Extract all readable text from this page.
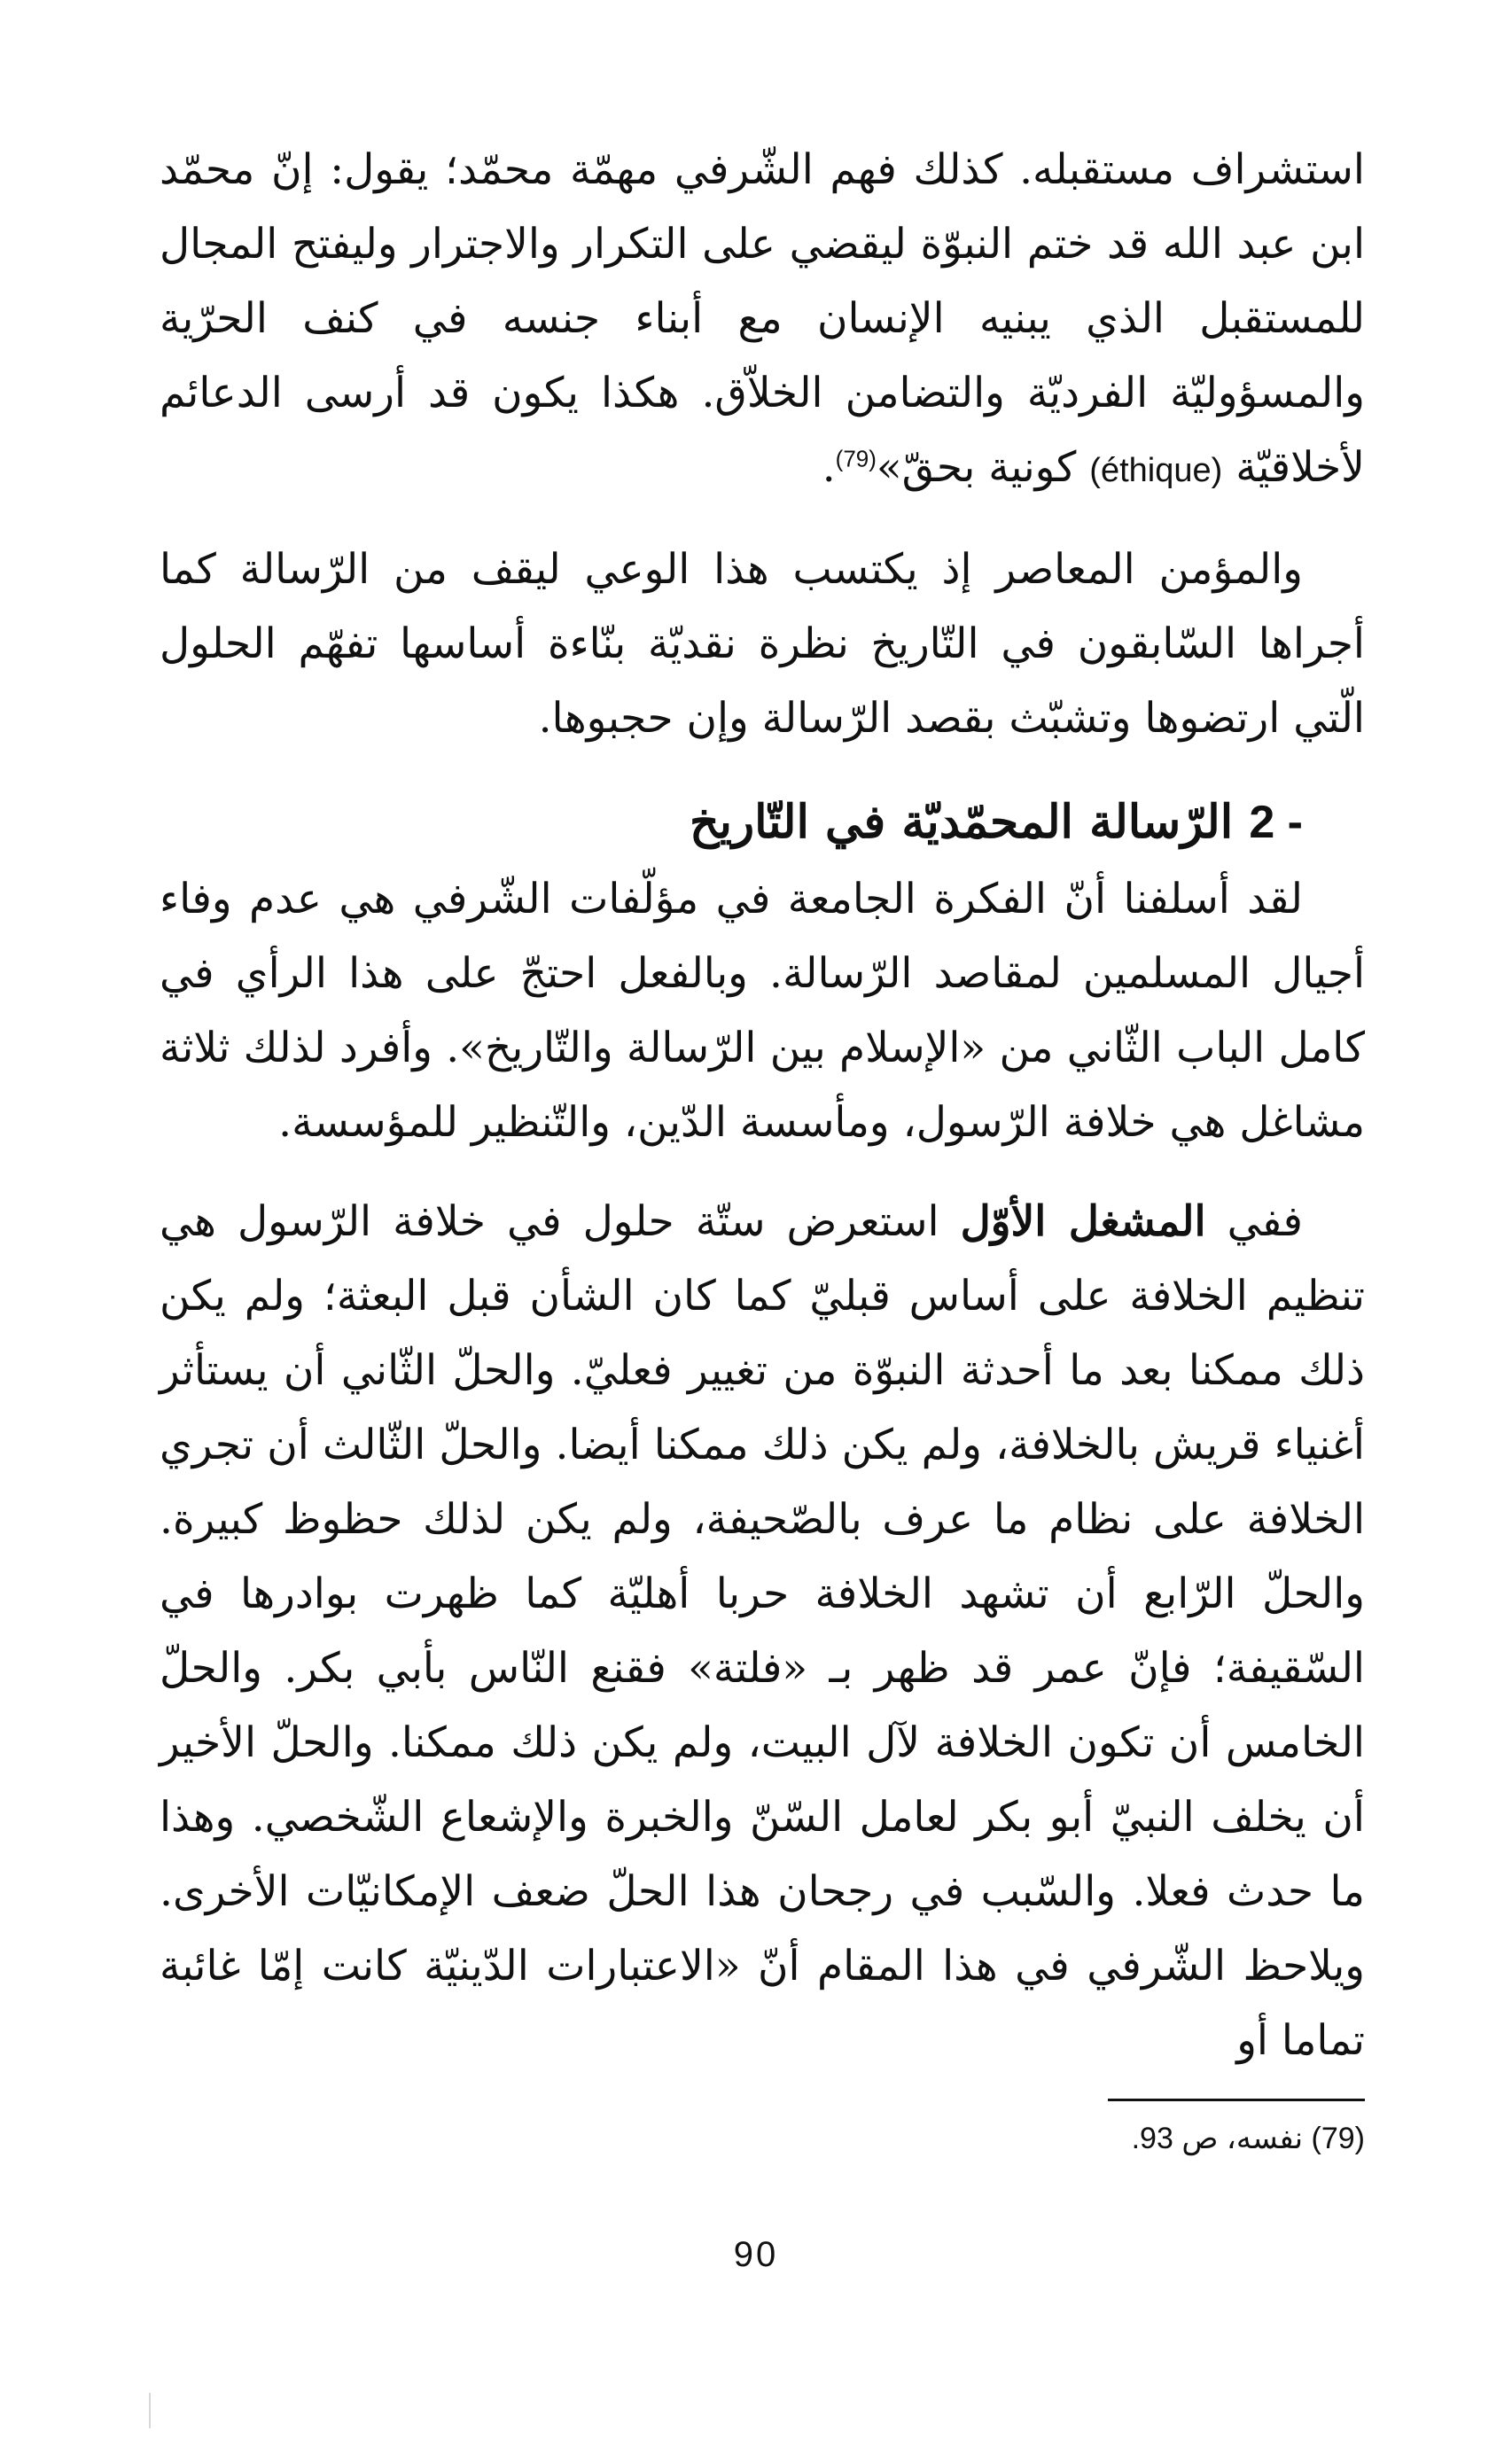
استشراف مستقبله. كذلك فهم الشّرفي مهمّة محمّد؛ يقول: إنّ محمّد ابن عبد الله قد ختم النبوّة ليقضي على التكرار والاجترار وليفتح المجال للمستقبل الذي يبنيه الإنسان مع أبناء جنسه في كنف الحرّية والمسؤوليّة الفرديّة والتضامن الخلاّق. هكذا يكون قد أرسى الدعائم لأخلاقيّة (éthique) كونية بحقّ»$^{(79)}$.

والمؤمن المعاصر إذ يكتسب هذا الوعي ليقف من الرّسالة كما أجراها السّابقون في التّاريخ نظرة نقديّة بنّاءة أساسها تفهّم الحلول الّتي ارتضوها وتشبّث بقصد الرّسالة وإن حجبوها.

2 - الرّسالة المحمّديّة في التّاريخ

لقد أسلفنا أنّ الفكرة الجامعة في مؤلّفات الشّرفي هي عدم وفاء أجيال المسلمين لمقاصد الرّسالة. وبالفعل احتجّ على هذا الرأي في كامل الباب الثّاني من «الإسلام بين الرّسالة والتّاريخ». وأفرد لذلك ثلاثة مشاغل هي خلافة الرّسول، ومأسسة الدّين، والتّنظير للمؤسسة.

ففي المشغل الأوّل استعرض ستّة حلول في خلافة الرّسول هي تنظيم الخلافة على أساس قبليّ كما كان الشأن قبل البعثة؛ ولم يكن ذلك ممكنا بعد ما أحدثة النبوّة من تغيير فعليّ. والحلّ الثّاني أن يستأثر أغنياء قريش بالخلافة، ولم يكن ذلك ممكنا أيضا. والحلّ الثّالث أن تجري الخلافة على نظام ما عرف بالصّحيفة، ولم يكن لذلك حظوظ كبيرة. والحلّ الرّابع أن تشهد الخلافة حربا أهليّة كما ظهرت بوادرها في السّقيفة؛ فإنّ عمر قد ظهر بـ «فلتة» فقنع النّاس بأبي بكر. والحلّ الخامس أن تكون الخلافة لآل البيت، ولم يكن ذلك ممكنا. والحلّ الأخير أن يخلف النبيّ أبو بكر لعامل السّنّ والخبرة والإشعاع الشّخصي. وهذا ما حدث فعلا. والسّبب في رجحان هذا الحلّ ضعف الإمكانيّات الأخرى. ويلاحظ الشّرفي في هذا المقام أنّ «الاعتبارات الدّينيّة كانت إمّا غائبة تماما أو

(79) نفسه، ص 93.
90
